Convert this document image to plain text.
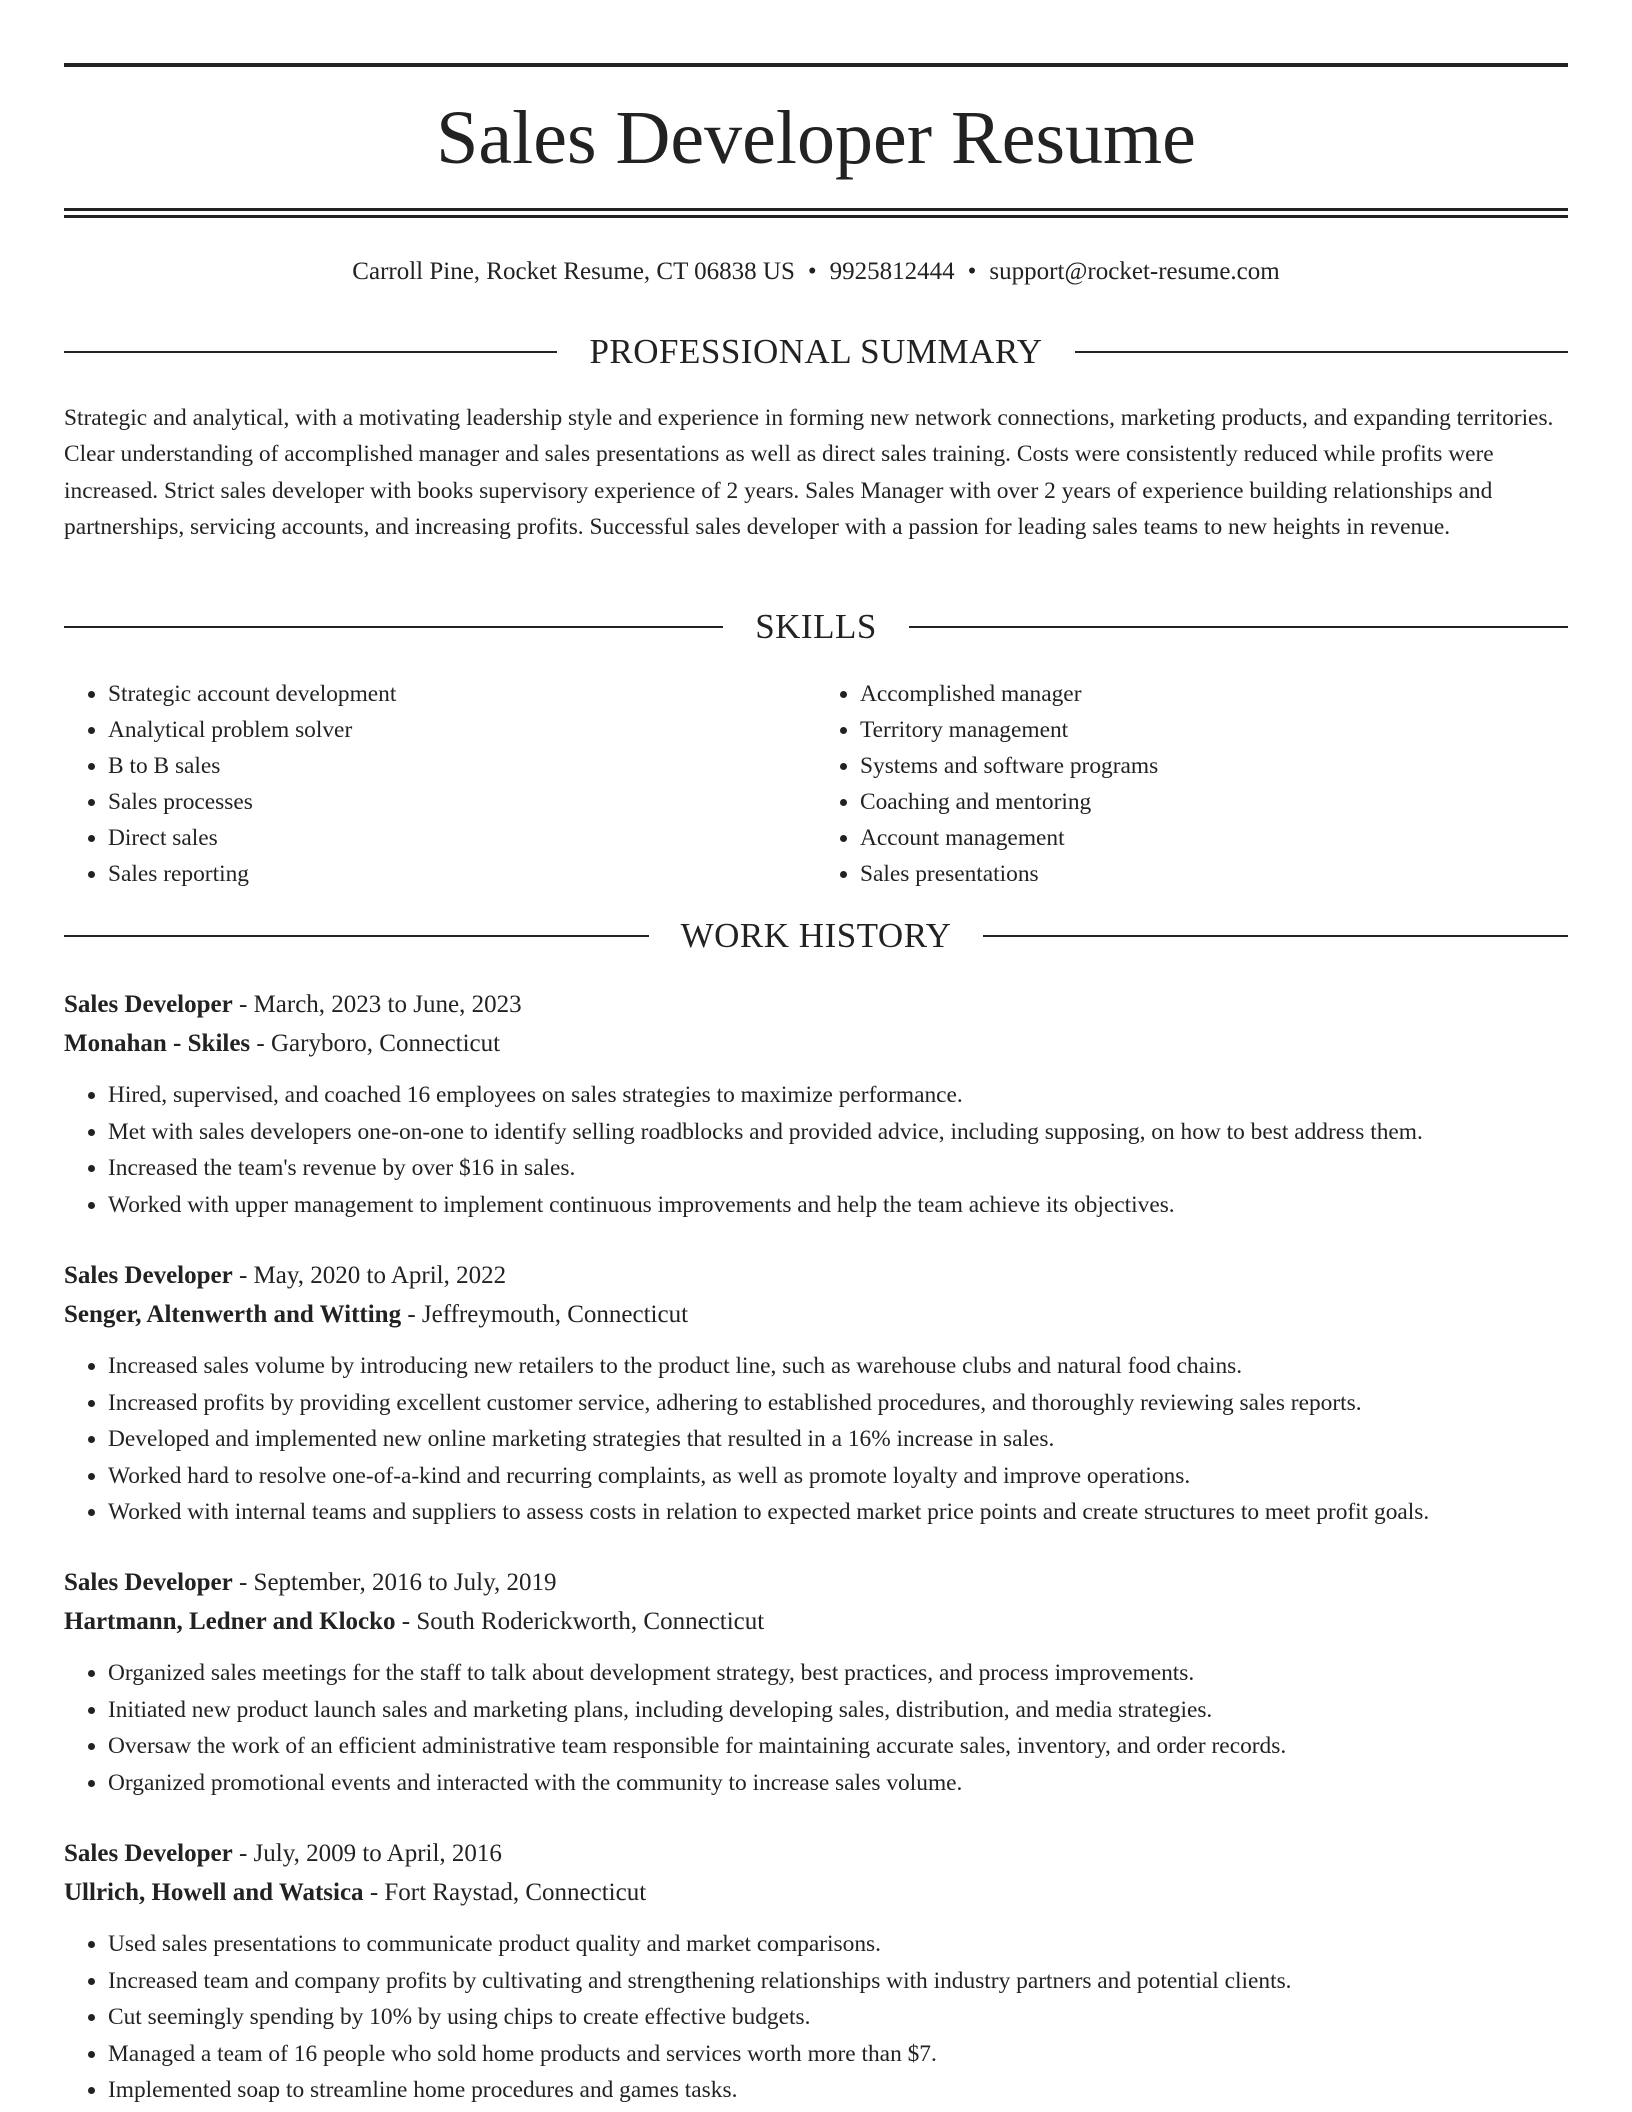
Sales Developer Resume
Carroll Pine, Rocket Resume, CT 06838 US • 9925812444 • support@rocket-resume.com
PROFESSIONAL SUMMARY

Strategic and analytical, with a motivating leadership style and experience in forming new network connections, marketing products, and expanding territories. Clear understanding of accomplished manager and sales presentations as well as direct sales training. Costs were consistently reduced while profits were increased. Strict sales developer with books supervisory experience of 2 years. Sales Manager with over 2 years of experience building relationships and partnerships, servicing accounts, and increasing profits. Successful sales developer with a passion for leading sales teams to new heights in revenue.

SKILLS
• Strategic account development
• Analytical problem solver
• B to B sales
• Sales processes
• Direct sales
• Sales reporting
• Accomplished manager
• Territory management
• Systems and software programs
• Coaching and mentoring
• Account management
• Sales presentations
WORK HISTORY
Sales Developer - March, 2023 to June, 2023
Monahan - Skiles - Garyboro, Connecticut
• Hired, supervised, and coached 16 employees on sales strategies to maximize performance.
• Met with sales developers one-on-one to identify selling roadblocks and provided advice, including supposing, on how to best address them.
• Increased the team's revenue by over $16 in sales.
• Worked with upper management to implement continuous improvements and help the team achieve its objectives.
Sales Developer - May, 2020 to April, 2022
Senger, Altenwerth and Witting - Jeffreymouth, Connecticut
• Increased sales volume by introducing new retailers to the product line, such as warehouse clubs and natural food chains.
• Increased profits by providing excellent customer service, adhering to established procedures, and thoroughly reviewing sales reports.
• Developed and implemented new online marketing strategies that resulted in a 16% increase in sales.
• Worked hard to resolve one-of-a-kind and recurring complaints, as well as promote loyalty and improve operations.
• Worked with internal teams and suppliers to assess costs in relation to expected market price points and create structures to meet profit goals.
Sales Developer - September, 2016 to July, 2019
Hartmann, Ledner and Klocko - South Roderickworth, Connecticut
• Organized sales meetings for the staff to talk about development strategy, best practices, and process improvements.
• Initiated new product launch sales and marketing plans, including developing sales, distribution, and media strategies.
• Oversaw the work of an efficient administrative team responsible for maintaining accurate sales, inventory, and order records.
• Organized promotional events and interacted with the community to increase sales volume.
Sales Developer - July, 2009 to April, 2016
Ullrich, Howell and Watsica - Fort Raystad, Connecticut
• Used sales presentations to communicate product quality and market comparisons.
• Increased team and company profits by cultivating and strengthening relationships with industry partners and potential clients.
• Cut seemingly spending by 10% by using chips to create effective budgets.
• Managed a team of 16 people who sold home products and services worth more than $7.
• Implemented soap to streamline home procedures and games tasks.
